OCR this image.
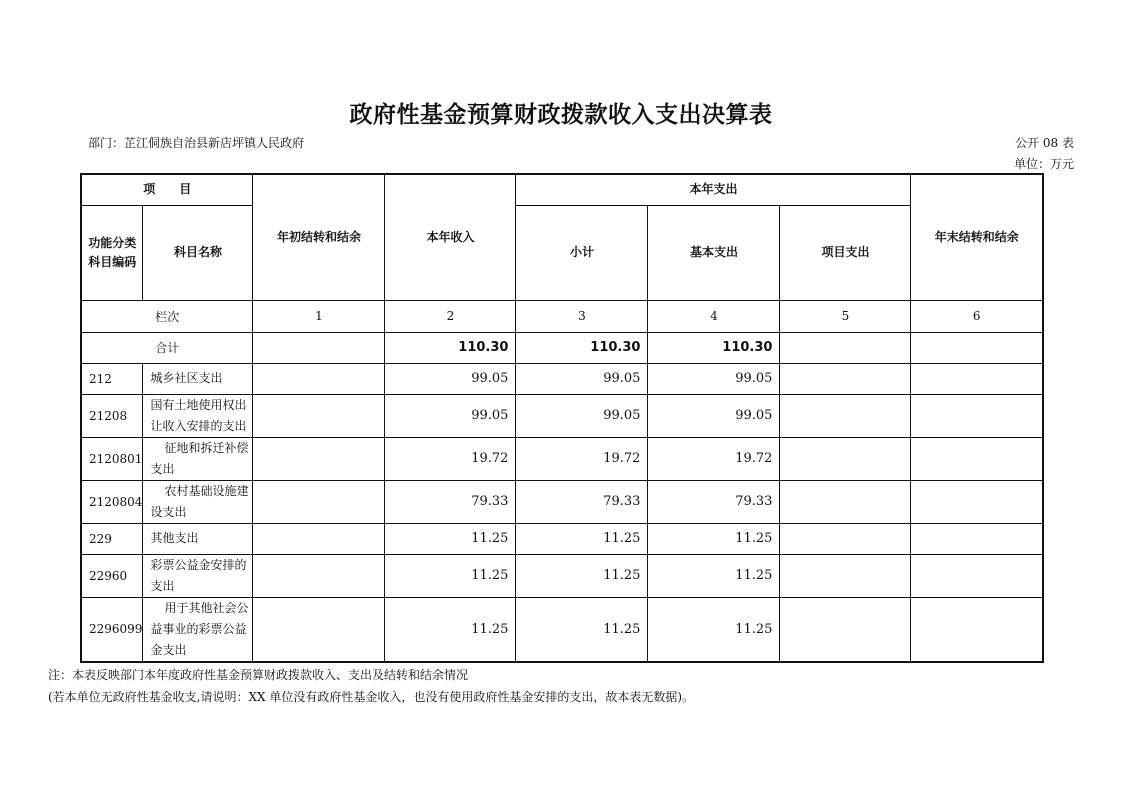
政府性基金预算财政拨款收入支出决算表
部门：芷江侗族自治县新店坪镇人民政府	公开 08 表
单位：万元
项　　目		年初结转和结余	本年收入	本年支出			年末结转和结余
功能分类科目编码	科目名称			小计	基本支出	项目支出	
栏次		1	2	3	4	5	6
合计			110.30	110.30	110.30		
212	城乡社区支出		99.05	99.05	99.05		
21208	国有土地使用权出让收入安排的支出		99.05	99.05	99.05		
2120801	征地和拆迁补偿支出		19.72	19.72	19.72		
2120804	农村基础设施建设支出		79.33	79.33	79.33		
229	其他支出		11.25	11.25	11.25		
22960	彩票公益金安排的支出		11.25	11.25	11.25		
2296099	用于其他社会公益事业的彩票公益金支出		11.25	11.25	11.25		
注：本表反映部门本年度政府性基金预算财政拨款收入、支出及结转和结余情况
(若本单位无政府性基金收支,请说明：XX 单位没有政府性基金收入，也没有使用政府性基金安排的支出，故本表无数据)。
